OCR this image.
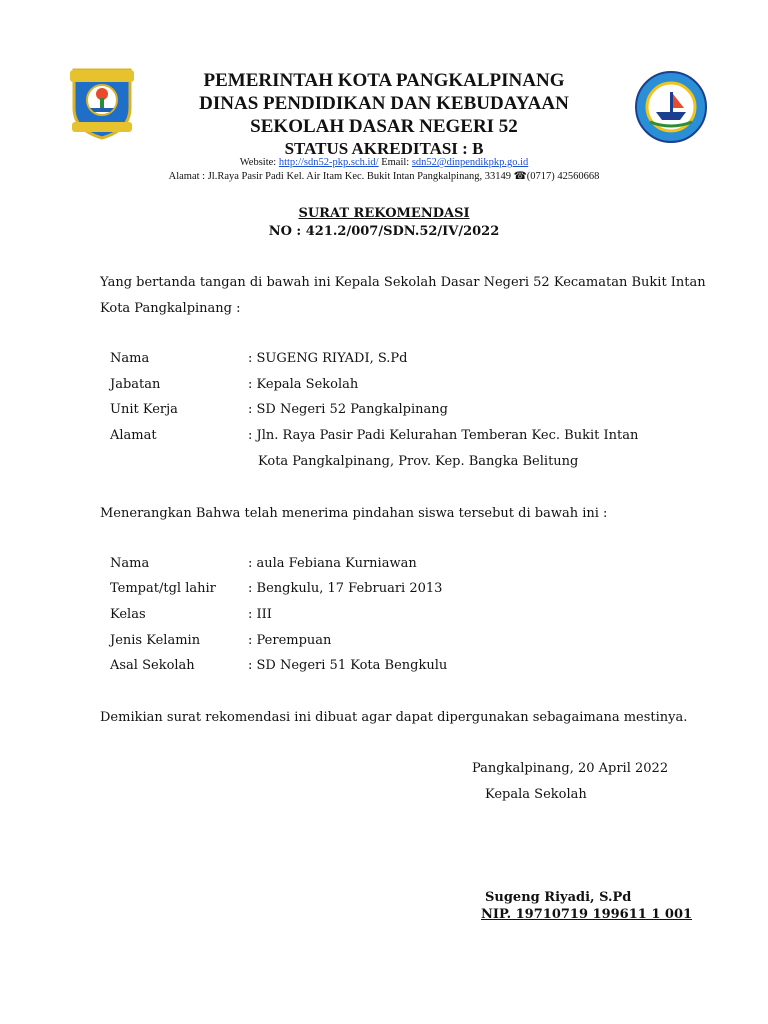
PEMERINTAH KOTA PANGKALPINANG
DINAS PENDIDIKAN DAN KEBUDAYAAN
SEKOLAH DASAR NEGERI 52
STATUS AKREDITASI : B
Website: http://sdn52-pkp.sch.id/ Email: sdn52@dinpendikpkp.go.id
Alamat : Jl.Raya Pasir Padi Kel. Air Itam Kec. Bukit Intan Pangkalpinang, 33149 ☎(0717) 42560668
SURAT REKOMENDASI
NO : 421.2/007/SDN.52/IV/2022
Yang bertanda tangan di bawah ini Kepala Sekolah Dasar Negeri 52 Kecamatan Bukit Intan
Kota Pangkalpinang :
Nama	: SUGENG RIYADI, S.Pd
Jabatan	: Kepala Sekolah
Unit Kerja	: SD Negeri 52 Pangkalpinang
Alamat	: Jln. Raya Pasir Padi Kelurahan Temberan Kec. Bukit Intan
Kota Pangkalpinang, Prov. Kep. Bangka Belitung
Menerangkan Bahwa telah menerima pindahan siswa tersebut di bawah ini :
Nama	: aula Febiana Kurniawan
Tempat/tgl lahir : Bengkulu, 17 Februari 2013
Kelas	: III
Jenis Kelamin	: Perempuan
Asal Sekolah	: SD Negeri 51 Kota Bengkulu
Demikian surat rekomendasi ini dibuat agar dapat dipergunakan sebagaimana mestinya.
Pangkalpinang, 20 April 2022
Kepala Sekolah
Sugeng Riyadi, S.Pd
NIP. 19710719 199611 1 001
